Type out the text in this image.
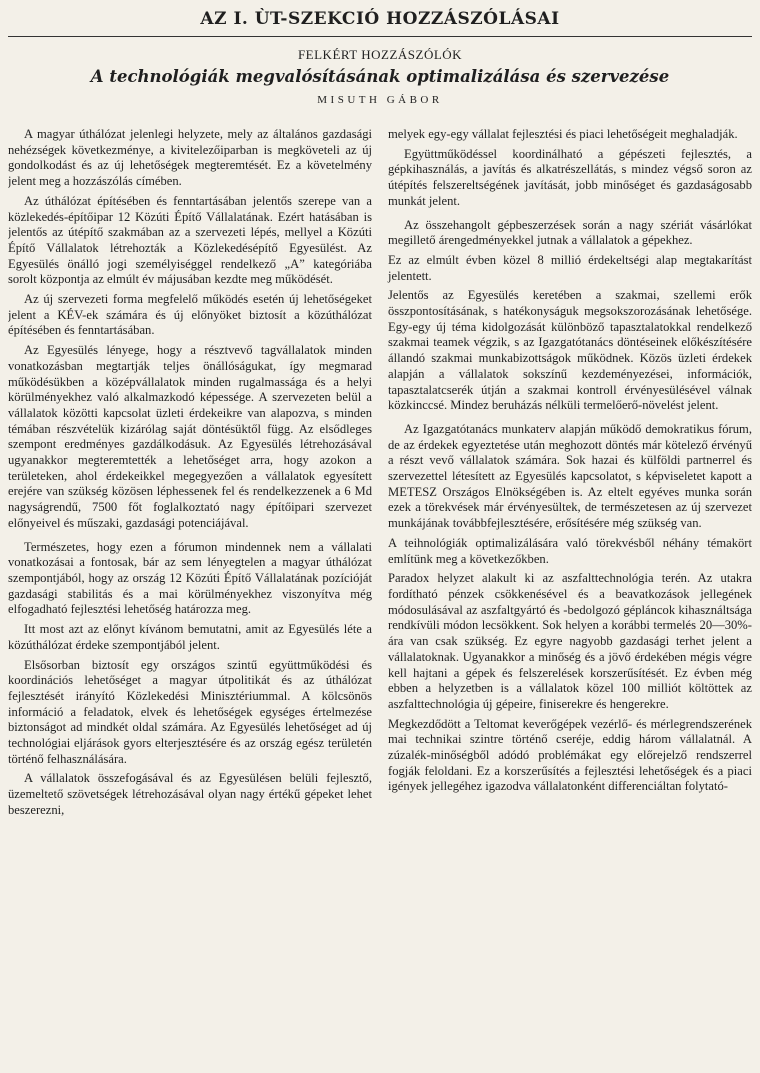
AZ I. ÙT-SZEKCIÓ HOZZÁSZÓLÁSAI
FELKÉRT HOZZÁSZÓLÓK
A technológiák megvalósításának optimalizálása és szervezése
MISUTH GÁBOR

A magyar úthálózat jelenlegi helyzete, mely az általános gazdasági nehézségek következménye, a kivitelezőiparban is megköveteli az új gondolkodást és az új lehetőségek megteremtését. Ez a követelmény jelent meg a hozzászólás címében.

Az úthálózat építésében és fenntartásában jelentős szerepe van a közlekedés-építőipar 12 Közúti Építő Vállalatának. Ezért hatásában is jelentős az útépítő szakmában az a szervezeti lépés, mellyel a Közúti Építő Vállalatok létrehozták a Közlekedésépítő Egyesülést. Az Egyesülés önálló jogi személyiséggel rendelkező „A” kategóriába sorolt központja az elmúlt év májusában kezdte meg működését.

Az új szervezeti forma megfelelő működés esetén új lehetőségeket jelent a KÉV-ek számára és új előnyöket biztosít a közúthálózat építésében és fenntartásában.

Az Egyesülés lényege, hogy a résztvevő tagvállalatok minden vonatkozásban megtartják teljes önállóságukat, így megmarad működésükben a középvállalatok minden rugalmassága és a helyi körülményekhez való alkalmazkodó képessége. A szervezeten belül a vállalatok közötti kapcsolat üzleti érdekeikre van alapozva, s minden témában részvételük kizárólag saját döntésüktől függ. Az elsődleges szempont eredményes gazdálkodásuk. Az Egyesülés létrehozásával ugyanakkor megteremtették a lehetőséget arra, hogy azokon a területeken, ahol érdekeikkel megegyezően a vállalatok egyesített erejére van szükség közösen léphessenek fel és rendelkezzenek a 6 Md nagyságrendű, 7500 főt foglalkoztató nagy építőipari szervezet előnyeivel és műszaki, gazdasági potenciájával.

Természetes, hogy ezen a fórumon mindennek nem a vállalati vonatkozásai a fontosak, bár az sem lényegtelen a magyar úthálózat szempontjából, hogy az ország 12 Közúti Építő Vállalatának pozícióját gazdasági stabilitás és a mai körülményekhez viszonyítva még elfogadható fejlesztési lehetőség határozza meg.

Itt most azt az előnyt kívánom bemutatni, amit az Egyesülés léte a közúthálózat érdeke szempontjából jelent.

Elsősorban biztosít egy országos szintű együttműködési és koordinációs lehetőséget a magyar útpolitikát és az úthálózat fejlesztését irányító Közlekedési Minisztériummal. A kölcsönös információ a feladatok, elvek és lehetőségek egységes értelmezése biztonságot ad mindkét oldal számára. Az Egyesülés lehetőséget ad új technológiai eljárások gyors elterjesztésére és az ország egész területén történő felhasználására.

A vállalatok összefogásával és az Egyesülésen belüli fejlesztő, üzemeltető szövetségek létrehozásával olyan nagy értékű gépeket lehet beszerezni,

melyek egy-egy vállalat fejlesztési és piaci lehetőségeit meghaladják.

Együttműködéssel koordinálható a gépészeti fejlesztés, a gépkihasználás, a javítás és alkatrészellátás, s mindez végső soron az útépítés felszereltségének javítását, jobb minőséget és gazdaságosabb munkát jelent.

Az összehangolt gépbeszerzések során a nagy szériát vásárlókat megillető árengedményekkel jutnak a vállalatok a gépekhez.

Ez az elmúlt évben közel 8 millió érdekeltségi alap megtakarítást jelentett.

Jelentős az Egyesülés keretében a szakmai, szellemi erők összpontosításának, s hatékonyságuk megsokszorozásának lehetősége. Egy-egy új téma kidolgozását különböző tapasztalatokkal rendelkező szakmai teamek végzik, s az Igazgatótanács döntéseinek előkészítésére állandó szakmai munkabizottságok működnek. Közös üzleti érdekek alapján a vállalatok sokszínű kezdeményezései, információk, tapasztalatcserék útján a szakmai kontroll érvényesülésével válnak közkinccsé. Mindez beruházás nélküli termelőerő-növelést jelent.

Az Igazgatótanács munkaterv alapján működő demokratikus fórum, de az érdekek egyeztetése után meghozott döntés már kötelező érvényű a részt vevő vállalatok számára. Sok hazai és külföldi partnerrel és szervezettel létesített az Egyesülés kapcsolatot, s képviseletet kapott a METESZ Országos Elnökségében is. Az eltelt egyéves munka során ezek a törekvések már érvényesültek, de természetesen az új szervezet munkájának továbbfejlesztésére, erősítésére még szükség van.

A teihnológiák optimalizálására való törekvésből néhány témakört említünk meg a következőkben.

Paradox helyzet alakult ki az aszfalttechnológia terén. Az utakra fordítható pénzek csökkenésével és a beavatkozások jellegének módosulásával az aszfaltgyártó és -bedolgozó gépláncok kihasználtsága rendkívüli módon lecsökkent. Sok helyen a korábbi termelés 20—30%-ára van csak szükség. Ez egyre nagyobb gazdasági terhet jelent a vállalatoknak. Ugyanakkor a minőség és a jövő érdekében mégis végre kell hajtani a gépek és felszerelések korszerűsítését. Ez évben még ebben a helyzetben is a vállalatok közel 100 milliót költöttek az aszfalttechnológia új gépeire, finiserekre és hengerekre.

Megkezdődött a Teltomat keverőgépek vezérlő- és mérlegrendszerének mai technikai szintre történő cseréje, eddig három vállalatnál. A zúzalék-minőségből adódó problémákat egy előrejelző rendszerrel fogják feloldani. Ez a korszerűsítés a fejlesztési lehetőségek és a piaci igények jellegéhez igazodva vállalatonként differenciáltan folytató-
